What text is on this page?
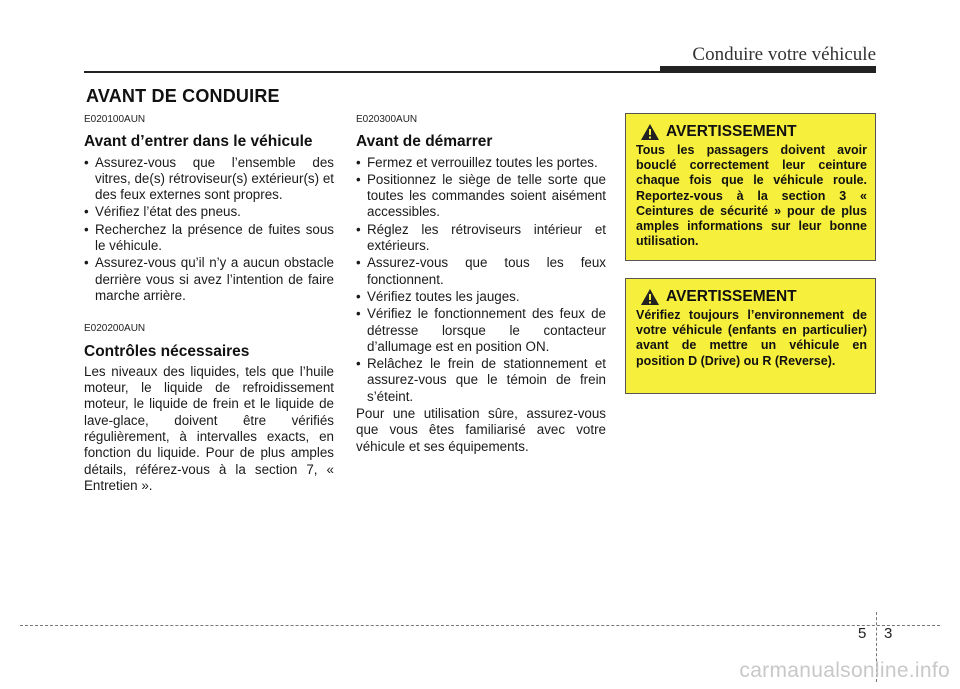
Conduire votre véhicule
AVANT DE CONDUIRE
E020100AUN
Avant d’entrer dans le véhicule
• Assurez-vous que l’ensemble des vitres, de(s) rétroviseur(s) extérieur(s) et des feux externes sont propres.
• Vérifiez l’état des pneus.
• Recherchez la présence de fuites sous le véhicule.
• Assurez-vous qu’il n’y a aucun obstacle derrière vous si avez l’intention de faire marche arrière.
E020200AUN
Contrôles nécessaires

Les niveaux des liquides, tels que l’huile moteur, le liquide de refroidissement moteur, le liquide de frein et le liquide de lave-glace, doivent être vérifiés régulièrement, à intervalles exacts, en fonction du liquide. Pour de plus amples détails, référez-vous à la section 7, « Entretien ».

E020300AUN
Avant de démarrer
• Fermez et verrouillez toutes les portes.
• Positionnez le siège de telle sorte que toutes les commandes soient aisément accessibles.
• Réglez les rétroviseurs intérieur et extérieurs.
• Assurez-vous que tous les feux fonctionnent.
• Vérifiez toutes les jauges.
• Vérifiez le fonctionnement des feux de détresse lorsque le contacteur d’allumage est en position ON.
• Relâchez le frein de stationnement et assurez-vous que le témoin de frein s’éteint.

Pour une utilisation sûre, assurez-vous que vous êtes familiarisé avec votre véhicule et ses équipements.

AVERTISSEMENT

Tous les passagers doivent avoir bouclé correctement leur ceinture chaque fois que le véhicule roule. Reportez-vous à la section 3 « Ceintures de sécurité » pour de plus amples informations sur leur bonne utilisation.

AVERTISSEMENT

Vérifiez toujours l’environnement de votre véhicule (enfants en particulier) avant de mettre un véhicule en position D (Drive) ou R (Reverse).

5 3
carmanualsonline.info
